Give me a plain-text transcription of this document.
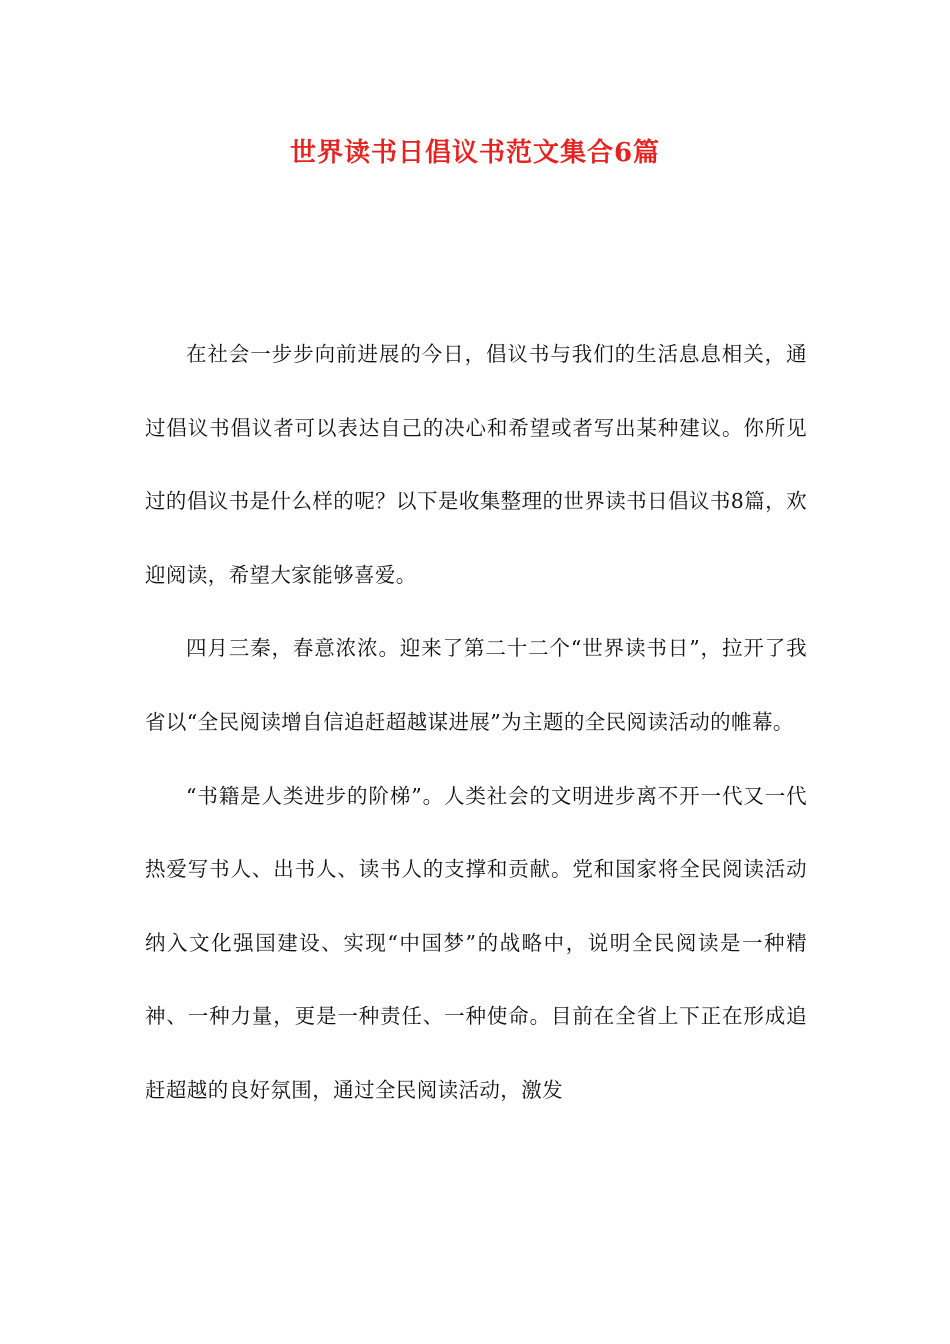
世界读书日倡议书范文集合6篇

在社会一步步向前进展的今日，倡议书与我们的生活息息相关，通过倡议书倡议者可以表达自己的决心和希望或者写出某种建议。你所见过的倡议书是什么样的呢？以下是收集整理的世界读书日倡议书8篇，欢迎阅读，希望大家能够喜爱。

四月三秦，春意浓浓。迎来了第二十二个“世界读书日”，拉开了我省以“全民阅读增自信追赶超越谋进展”为主题的全民阅读活动的帷幕。

“书籍是人类进步的阶梯”。人类社会的文明进步离不开一代又一代热爱写书人、出书人、读书人的支撑和贡献。党和国家将全民阅读活动纳入文化强国建设、实现“中国梦”的战略中，说明全民阅读是一种精神、一种力量，更是一种责任、一种使命。目前在全省上下正在形成追赶超越的良好氛围，通过全民阅读活动，激发
